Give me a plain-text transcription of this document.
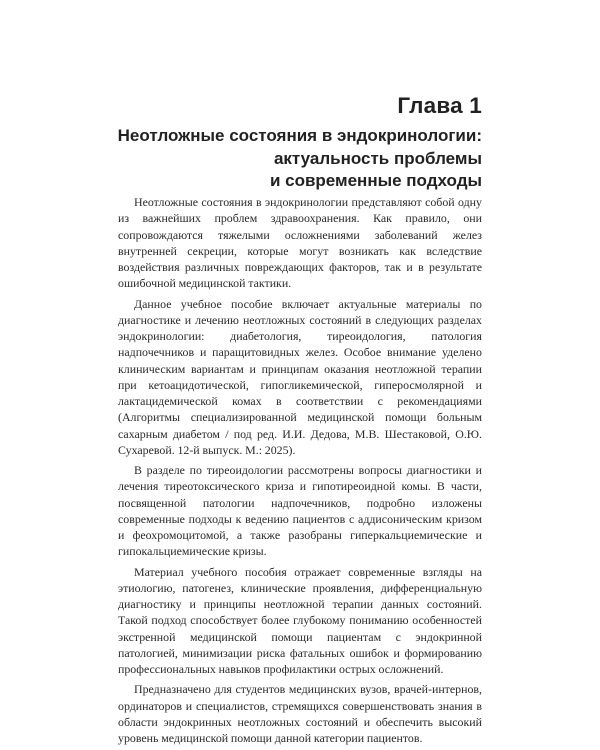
Глава 1
Неотложные состояния в эндокринологии:
актуальность проблемы
и современные подходы

Неотложные состояния в эндокринологии представляют собой одну из важнейших проблем здравоохранения. Как правило, они сопровождаются тяжелыми осложнениями заболеваний желез внутренней секреции, которые могут возникать как вследствие воздействия различных повреждающих факторов, так и в результате ошибочной медицинской тактики.

Данное учебное пособие включает актуальные материалы по диагностике и лечению неотложных состояний в следующих разделах эндокринологии: диабетология, тиреоидология, патология надпочечников и паращитовидных желез. Особое внимание уделено клиническим вариантам и принципам оказания неотложной терапии при кетоацидотической, гипогликемической, гиперосмолярной и лактацидемической комах в соответствии с рекомендациями (Алгоритмы специализированной медицинской помощи больным сахарным диабетом / под ред. И.И. Дедова, М.В. Шестаковой, О.Ю. Сухаревой. 12-й выпуск. М.: 2025).

В разделе по тиреоидологии рассмотрены вопросы диагностики и лечения тиреотоксического криза и гипотиреоидной комы. В части, посвященной патологии надпочечников, подробно изложены современные подходы к ведению пациентов с аддисоническим кризом и феохромоцитомой, а также разобраны гиперкальциемические и гипокальциемические кризы.

Материал учебного пособия отражает современные взгляды на этиологию, патогенез, клинические проявления, дифференциальную диагностику и принципы неотложной терапии данных состояний. Такой подход способствует более глубокому пониманию особенностей экстренной медицинской помощи пациентам с эндокринной патологией, минимизации риска фатальных ошибок и формированию профессиональных навыков профилактики острых осложнений.

Предназначено для студентов медицинских вузов, врачей-интернов, ординаторов и специалистов, стремящихся совершенствовать знания в области эндокринных неотложных состояний и обеспечить высокий уровень медицинской помощи данной категории пациентов.
